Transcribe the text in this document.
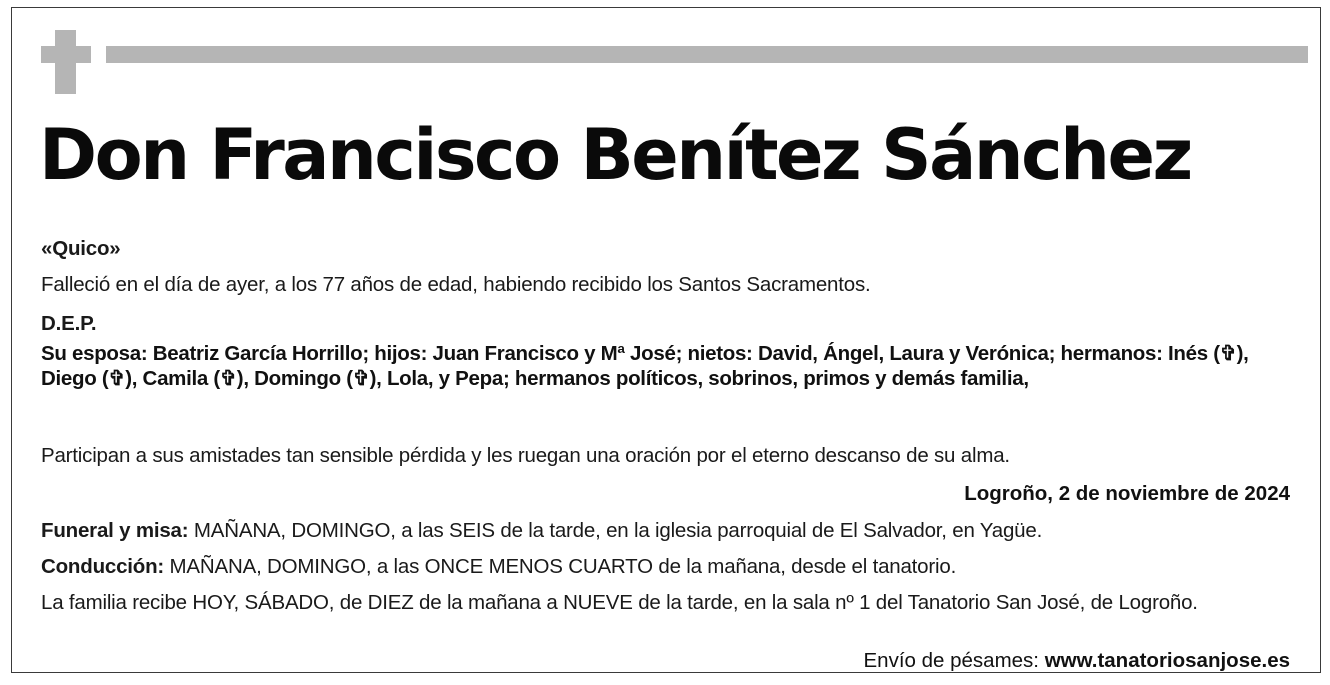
Don Francisco Benítez Sánchez
«Quico»
Falleció en el día de ayer, a los 77 años de edad, habiendo recibido los Santos Sacramentos.
D.E.P.
Su esposa: Beatriz García Horrillo; hijos: Juan Francisco y Mª José; nietos: David, Ángel, Laura y Verónica; hermanos: Inés (✞), Diego (✞), Camila (✞), Domingo (✞), Lola, y Pepa; hermanos políticos, sobrinos, primos y demás familia,
Participan a sus amistades tan sensible pérdida y les ruegan una oración por el eterno descanso de su alma.
Logroño, 2 de noviembre de 2024
Funeral y misa: MAÑANA, DOMINGO, a las SEIS de la tarde, en la iglesia parroquial de El Salvador, en Yagüe.
Conducción: MAÑANA, DOMINGO, a las ONCE MENOS CUARTO de la mañana, desde el tanatorio.
La familia recibe HOY, SÁBADO, de DIEZ de la mañana a NUEVE de la tarde, en la sala nº 1 del Tanatorio San José, de Logroño.
Envío de pésames: www.tanatoriosanjose.es
